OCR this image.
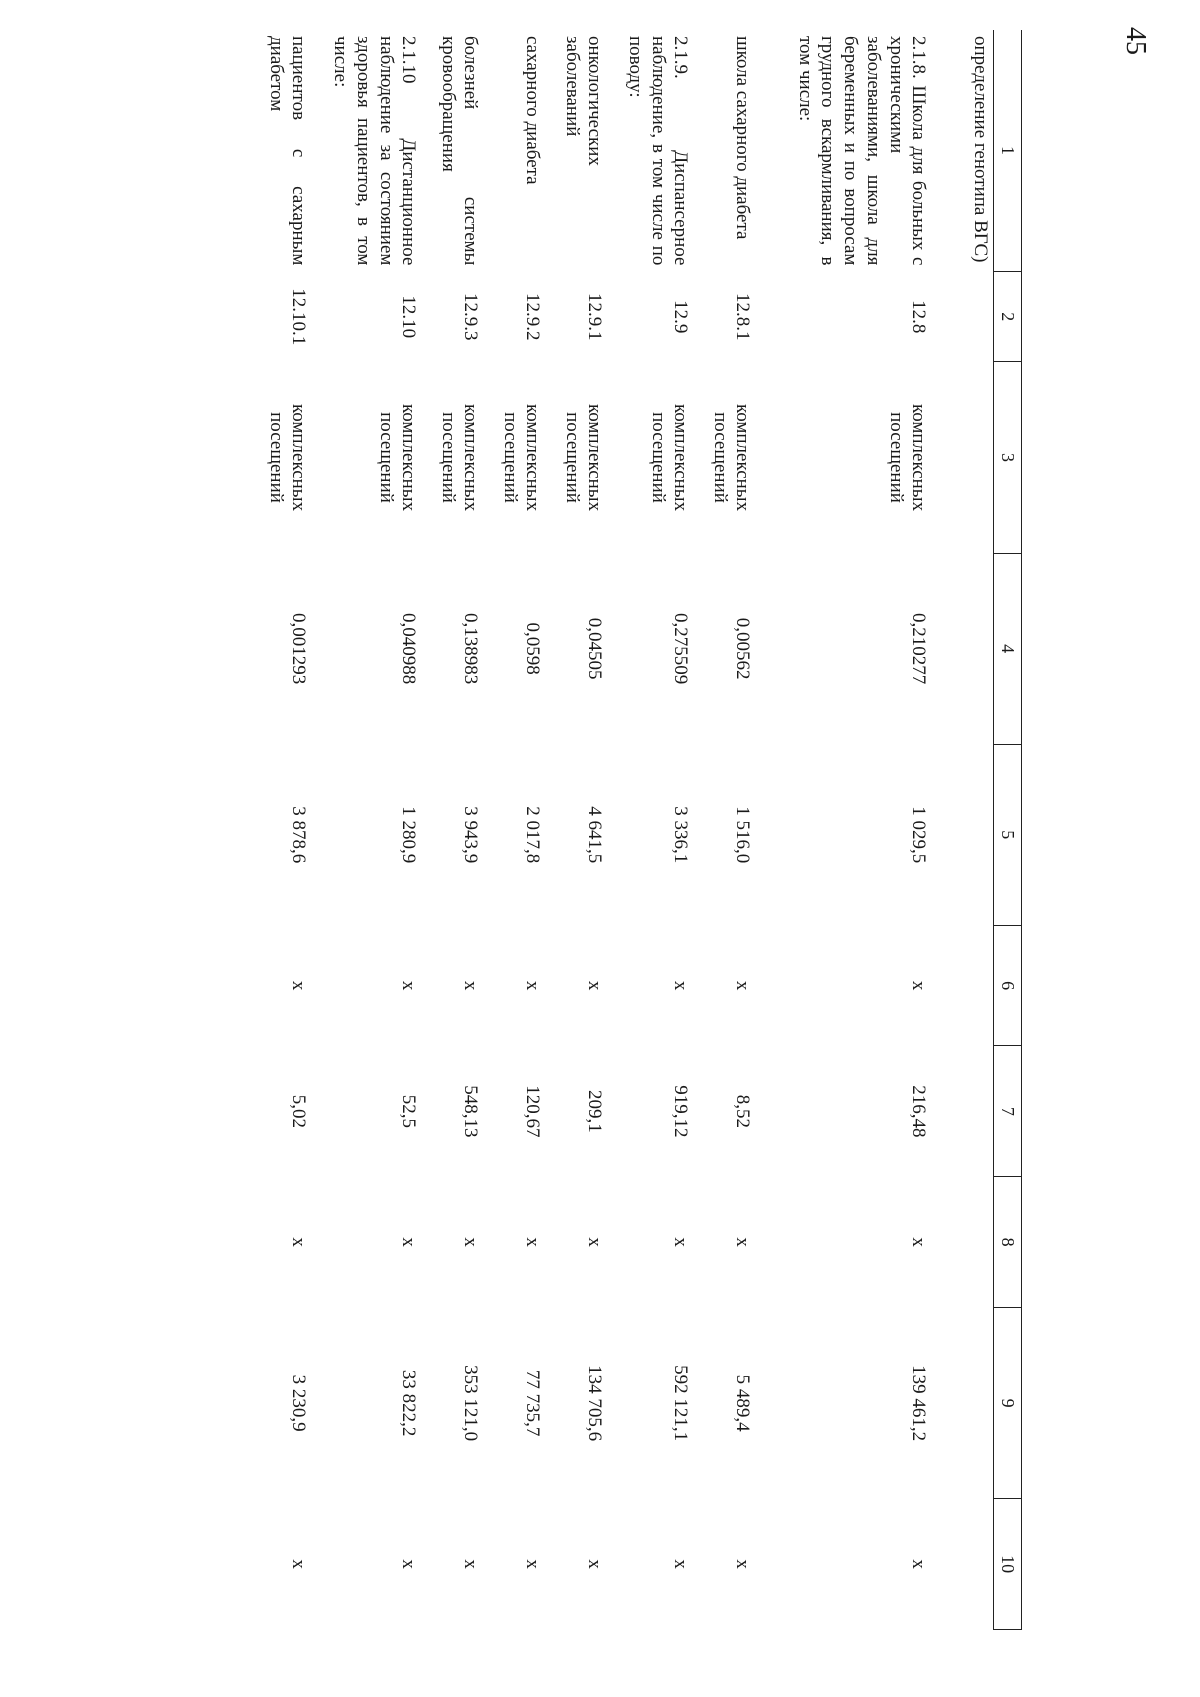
45
1	2	3	4	5	6	7	8	9	10
определение генотипа ВГС)									
2.1.8. Школа для больных с хроническими заболеваниями, школа для беременных и по вопросам грудного вскармливания, в том числе:	12.8	комплексных посещений	0,210277	1 029,5	х	216,48	х	139 461,2	х
школа сахарного диабета	12.8.1	комплексных посещений	0,00562	1 516,0	х	8,52	х	5 489,4	х
2.1.9. Диспансерное наблюдение, в том числе по поводу:	12.9	комплексных посещений	0,275509	3 336,1	х	919,12	х	592 121,1	х
онкологических заболеваний	12.9.1	комплексных посещений	0,04505	4 641,5	х	209,1	х	134 705,6	х
сахарного диабета	12.9.2	комплексных посещений	0,0598	2 017,8	х	120,67	х	77 735,7	х
болезней системы кровообращения	12.9.3	комплексных посещений	0,138983	3 943,9	х	548,13	х	353 121,0	х
2.1.10 Дистанционное наблюдение за состоянием здоровья пациентов, в том числе:	12.10	комплексных посещений	0,040988	1 280,9	х	52,5	х	33 822,2	х
пациентов с сахарным диабетом	12.10.1	комплексных посещений	0,001293	3 878,6	х	5,02	х	3 230,9	х
